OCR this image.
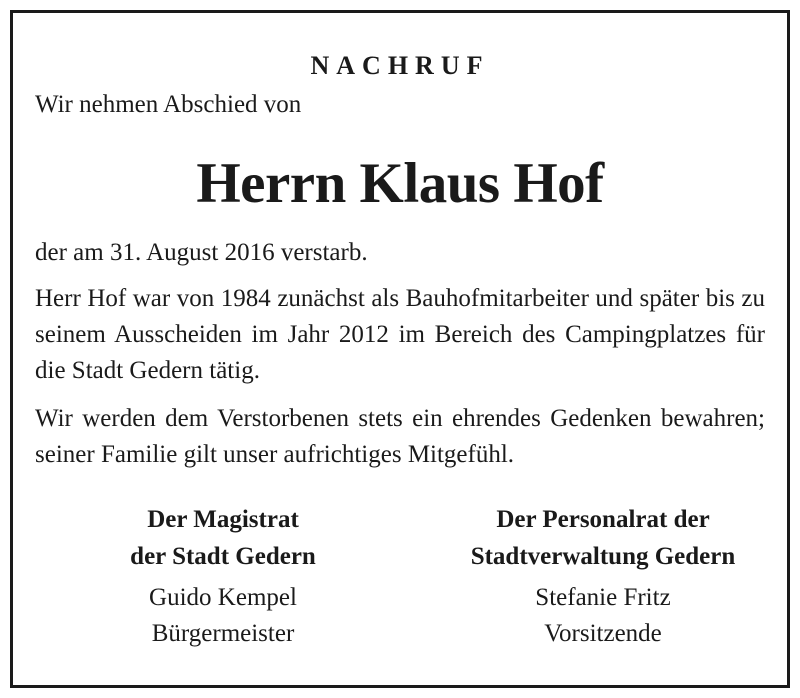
NACHRUF
Wir nehmen Abschied von
Herrn Klaus Hof
der am 31. August 2016 verstarb.
Herr Hof war von 1984 zunächst als Bauhofmitarbeiter und später bis zu seinem Ausscheiden im Jahr 2012 im Bereich des Campingplatzes für die Stadt Gedern tätig.
Wir werden dem Verstorbenen stets ein ehrendes Gedenken bewahren; seiner Familie gilt unser aufrichtiges Mitgefühl.
Der Magistrat
der Stadt Gedern
Guido Kempel
Bürgermeister
Der Personalrat der
Stadtverwaltung Gedern
Stefanie Fritz
Vorsitzende
